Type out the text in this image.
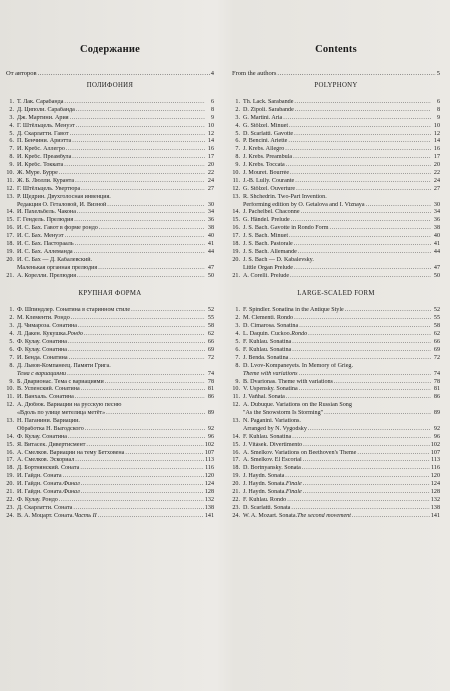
Содержание
От авторов .....	4
ПОЛИФОНИЯ
1. Т. Лак. Сарабанда .....	6
2. Д. Циполи. Сарабанда .....	8
3. Дж. Мартини. Ария .....	9
4. Г. Штёльцель. Менуэт .....	10
5. Д. Скарлатти. Гавот .....	12
6. П. Бенчини. Ариэтта .....	14
7. И. Кребс. Аллегро .....	16
8. И. Кребс. Преамбула .....	17
9. И. Кребс. Токката .....	20
10. Ж. Муре. Бурре .....	22
11. Ж. Б. Люлли. Куранта .....	24
12. Г. Штёльцель. Увертюра .....	27
13. Р. Щедрин. Двухголосная инвенция.
Редакция О. Геталовой, И. Визной .....	30
14. И. Пахельбель. Чакона .....	34
15. Г. Гендель. Прелюдия .....	36
16. И. С. Бах. Гавот в форме рондо .....	38
17. И. С. Бах. Менуэт .....	40
18. И. С. Бах. Пасторааль .....	41
19. И. С. Бах. Аллеманда .....	44
20. И. С. Бах — Д. Кабалевский.
Маленькая органная прелюдия .....	47
21. А. Корелли. Прелюдия .....	50
КРУПНАЯ ФОРМА
1. Ф. Шпиндлер. Сонатина в старинном стиле .....	52
2. М. Клементи. Рондо .....	55
3. Д. Чимароза. Сонатина .....	58
4. Л. Дакен. Кукушка. Рондо .....	62
5. Ф. Кулау. Сонатина .....	66
6. Ф. Кулау. Сонатина .....	69
7. Й. Бенда. Сонатина .....	72
8. Д. Львов-Компанеец. Памяти Грига.
Тема с вариациями .....	74
9. Б. Дварионас. Тема с вариациями .....	78
10. В. Успенский. Сонатина .....	81
11. И. Ванхаль. Сонатина .....	86
12. А. Дюбюк. Вариации на русскую песню
«Вдоль по улице метелица метёт» .....	89
13. Н. Паганини. Вариации.
Обработка Н. Выгодского .....	92
14. Ф. Кулау. Сонатина .....	96
15. Я. Витасек. Дивертисмент .....	102
16. А. Смелков. Вариации на тему Бетховена .....	107
17. А. Смелков. Эскориал .....	113
18. Д. Бортнянский. Соната .....	116
19. Й. Гайдн. Соната .....	120
20. Й. Гайдн. Соната. Финал .....	124
21. Й. Гайдн. Соната. Финал .....	128
22. Ф. Кулау. Рондо .....	132
23. Д. Скарлатти. Соната .....	138
24. В. А. Моцарт. Соната. Часть II .....	141
Contents
From the authors .....	5
POLYPHONY
1. Th. Lack. Sarabande .....	6
2. D. Zipoli. Sarabande .....	8
3. G. Martini. Aria .....	9
4. G. Stölzel. Minuet .....	10
5. D. Scarlatti. Gavotte .....	12
6. P. Bencini. Ariette .....	14
7. J. Krebs. Allegro .....	16
8. J. Krebs. Preambula .....	17
9. J. Krebs. Toccata .....	20
10. J. Mouret. Bourrée .....	22
11. J.-B. Lully. Courante .....	24
12. G. Stölzel. Ouverture .....	27
13. R. Shchedrin. Two-Part Invention.
Performing edition by O. Getalova and I. Viznaya .....	30
14. J. Pachelbel. Chaconne .....	34
15. G. Händel. Prelude .....	36
16. J. S. Bach. Gavotte in Rondo Form .....	38
17. J. S. Bach. Minuet .....	40
18. J. S. Bach. Pastorale .....	41
19. J. S. Bach. Allemande .....	44
20. J. S. Bach — D. Kabalevsky.
Little Organ Prelude .....	47
21. A. Corelli. Prelude .....	50
LARGE-SCALED FORM
1. F. Spindler. Sonatina in the Antique Style .....	52
2. M. Clementi. Rondo .....	55
3. D. Cimarosa. Sonatina .....	58
4. L. Daquin. Cuckoo. Rondo .....	62
5. F. Kuhlau. Sonatina .....	66
6. F. Kuhlau. Sonatina .....	69
7. J. Benda. Sonatina .....	72
8. D. Lvov-Kompaneyets. In Memory of Grieg.
Theme with variations .....	74
9. B. Dvarionas. Theme with variations .....	78
10. V. Uspensky. Sonatina .....	81
11. J. Vaňhal. Sonata .....	86
12. A. Dubuque. Variations on the Russian Song
"As the Snowstorm Is Storming" .....	89
13. N. Paganini. Variations.
Arranged by N. Vygodsky .....	92
14. F. Kuhlau. Sonatina .....	96
15. J. Vitásek. Divertimento .....	102
16. A. Smelkov. Variations on Beethoven's Theme .....	107
17. A. Smelkov. El Escorial .....	113
18. D. Bortnyansky. Sonata .....	116
19. J. Haydn. Sonata .....	120
20. J. Haydn. Sonata. Finale .....	124
21. J. Haydn. Sonata. Finale .....	128
22. F. Kuhlau. Rondo .....	132
23. D. Scarlatti. Sonata .....	138
24. W. A. Mozart. Sonata. The second movement .....	141
